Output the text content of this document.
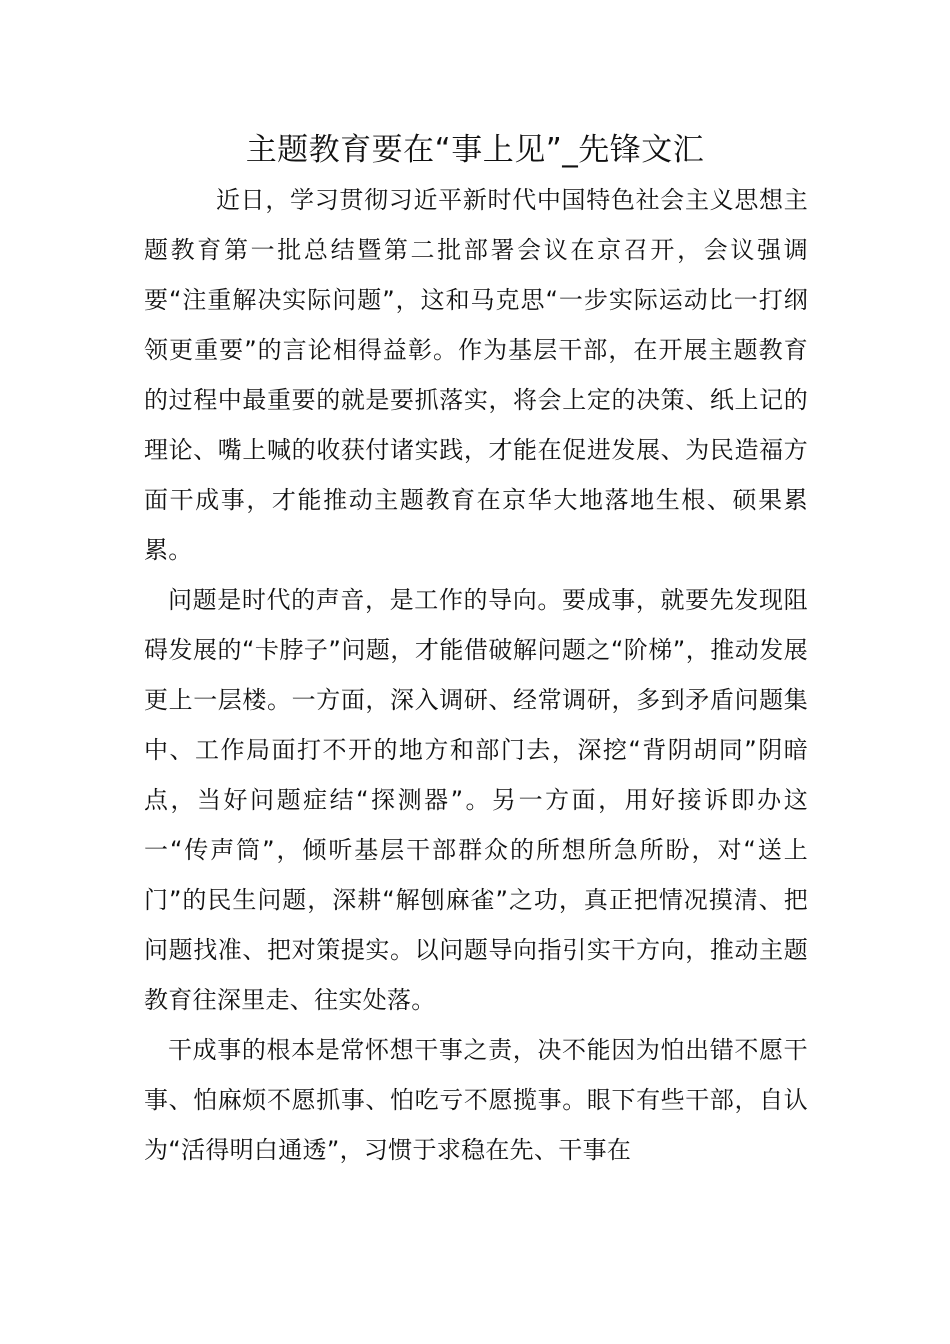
主题教育要在“事上见”_先锋文汇

近日，学习贯彻习近平新时代中国特色社会主义思想主题教育第一批总结暨第二批部署会议在京召开，会议强调要“注重解决实际问题”，这和马克思“一步实际运动比一打纲领更重要”的言论相得益彰。作为基层干部，在开展主题教育的过程中最重要的就是要抓落实，将会上定的决策、纸上记的理论、嘴上喊的收获付诸实践，才能在促进发展、为民造福方面干成事，才能推动主题教育在京华大地落地生根、硕果累累。

问题是时代的声音，是工作的导向。要成事，就要先发现阻碍发展的“卡脖子”问题，才能借破解问题之“阶梯”，推动发展更上一层楼。一方面，深入调研、经常调研，多到矛盾问题集中、工作局面打不开的地方和部门去，深挖“背阴胡同”阴暗点，当好问题症结“探测器”。另一方面，用好接诉即办这一“传声筒”，倾听基层干部群众的所想所急所盼，对“送上门”的民生问题，深耕“解刨麻雀”之功，真正把情况摸清、把问题找准、把对策提实。以问题导向指引实干方向，推动主题教育往深里走、往实处落。

干成事的根本是常怀想干事之责，决不能因为怕出错不愿干事、怕麻烦不愿抓事、怕吃亏不愿揽事。眼下有些干部，自认为“活得明白通透”，习惯于求稳在先、干事在
